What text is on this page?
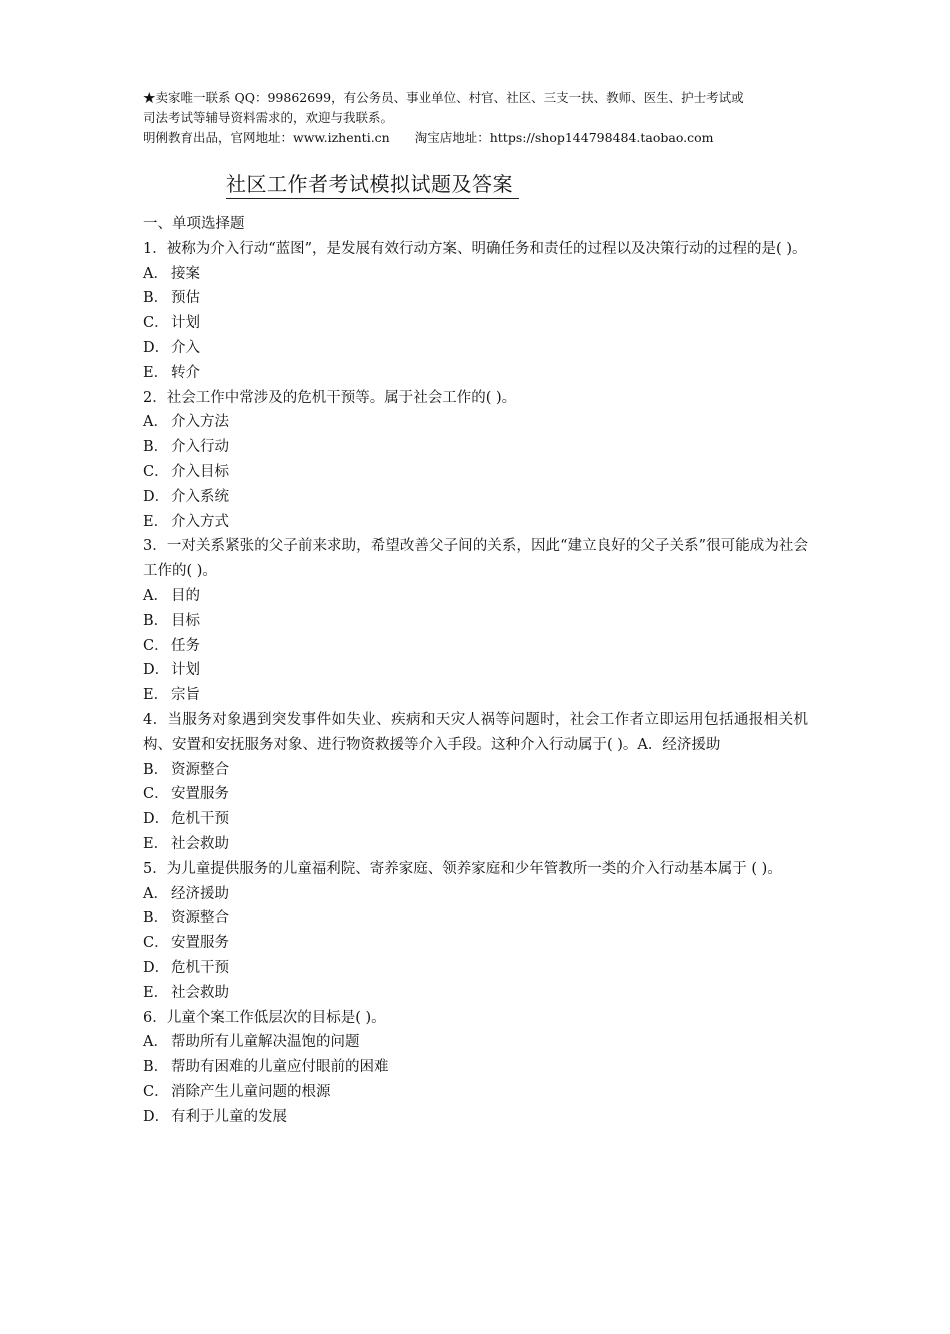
★卖家唯一联系 QQ：99862699，有公务员、事业单位、村官、社区、三支一扶、教师、医生、护士考试或
司法考试等辅导资料需求的，欢迎与我联系。
明俐教育出品，官网地址：www.izhenti.cn　　淘宝店地址：https://shop144798484.taobao.com
社区工作者考试模拟试题及答案
一、单项选择题
1．被称为介入行动“蓝图”，是发展有效行动方案、明确任务和责任的过程以及决策行动的过程的是( )。
A． 接案
B． 预估
C． 计划
D． 介入
E． 转介
2．社会工作中常涉及的危机干预等。属于社会工作的( )。
A． 介入方法
B． 介入行动
C． 介入目标
D． 介入系统
E． 介入方式
3．一对关系紧张的父子前来求助，希望改善父子间的关系，因此“建立良好的父子关系”很可能成为社会工作的( )。
A． 目的
B． 目标
C． 任务
D． 计划
E． 宗旨
4．当服务对象遇到突发事件如失业、疾病和天灾人祸等问题时，社会工作者立即运用包括通报相关机构、安置和安抚服务对象、进行物资救援等介入手段。这种介入行动属于( )。A．经济援助
B． 资源整合
C． 安置服务
D． 危机干预
E． 社会救助
5．为儿童提供服务的儿童福利院、寄养家庭、领养家庭和少年管教所一类的介入行动基本属于 ( )。
A． 经济援助
B． 资源整合
C． 安置服务
D． 危机干预
E． 社会救助
6．儿童个案工作低层次的目标是( )。
A． 帮助所有儿童解决温饱的问题
B． 帮助有困难的儿童应付眼前的困难
C． 消除产生儿童问题的根源
D． 有利于儿童的发展
